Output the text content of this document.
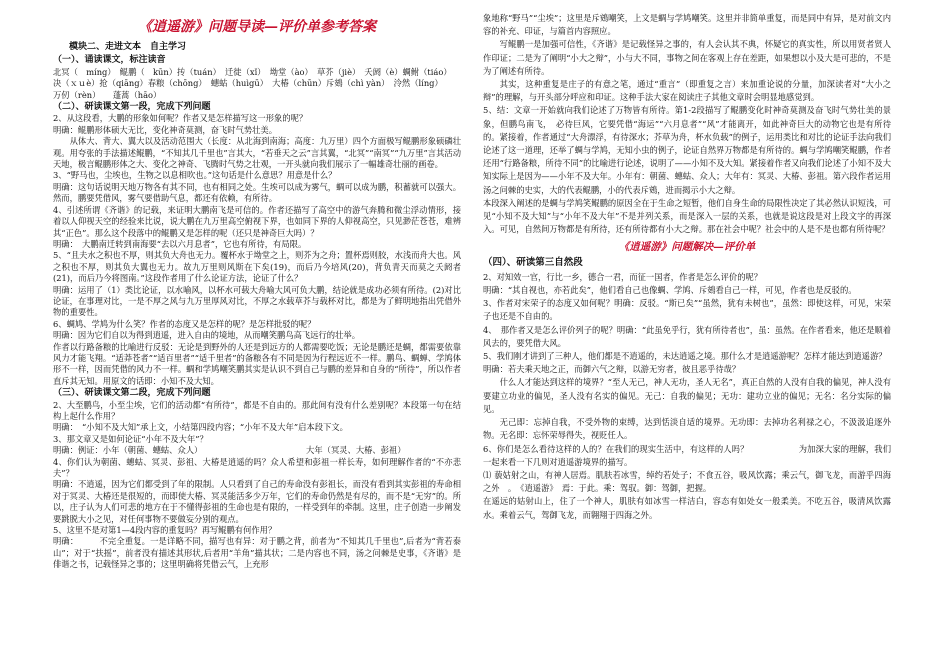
《逍遥游》问题导读—评价单参考答案
模块二、走进文本　自主学习
（一）、诵读课文，标注读音

北冥（　míng）　鲲鹏（　kūn）抟（tuán）　迁徙（xǐ）　坳堂（ào）　草芥（jiè）　夭阏（è）蜩鲋（tiáo）

决（ｘｕè）抢（qiāng）春粮（chōng）　蟪蛄（huìgū）　大椿（chūn）斥鴳（chì yàn）　泠然（líng）

万仞（rèn）　　蓬蒿（hāo）

（二）、研读课文第一段，完成下列问题

2、从这段看，大鹏的形象如何呢？作者又是怎样描写这一形象的呢？

明确：鲲鹏形体硕大无比，变化神奇莫测，奋飞时气势壮美。

从体大、背大、翼大以及活动范围大（长度：从北海到南海；高度：九万里）四个方面极写鲲鹏形象硕磷壮观。用夸张的手法描述鲲鹏，“不知其几千里也”言其大，“若垂天之云”言其翼，“北冥”“南冥”“九万里”言其活动天地，极言鲲鹏形体之大、变化之神奇、飞腾时气势之壮观，一开头就向我们展示了一幅雄奇壮丽的画卷。

3、“野马也，尘埃也，生物之以息相吹也。”这句话是什么意思？用意是什么？

明确：这句话说明天地万物各有其不同，也有相同之处。生埃可以成为雾气，蜩可以成为鹏，积蓄就可以强大。然而，鹏要凭借风，雾气要借助气息，都还有依赖，有所待。

4、引述所谓《齐谐》的记载，来证明大鹏南飞是可信的。作者还描写了高空中的游气奔腾和微尘浮动情形，接着以人仰视天空的经验来比说，说大鹏在九万里高空俯视下界，也如同下界的人仰视高空，只见渺茫苍苍，难辨其“正色”。那么这个段落中的鲲鹏又是怎样的呢（还只是神奇巨大吗）？

明确：　大鹏南迁转到南海要“去以六月息者”，它也有所待，有局限。

5、“且夫水之积也不厚，则其负大舟也无力。覆杯水于坳堂之上，则芥为之舟；置杯焉则胶，水浅而舟大也。风之积也不厚，则其负大翼也无力。故九万里则风斯在下矣(19)，而后乃今培风(20)，背负青天而莫之夭阏者(21)，而后乃今将图南。”这段作者用了什么论证方法，论证了什么？

明确：运用了（1）类比论证，以水喻风，以杯水可载大舟喻大风可负大鹏，结论就是成功必须有所待。(2)对比论证，在事理对比，一是不厚之风与九万里厚风对比，不厚之水载草芥与载杯对比，都是为了鲜明地指出凭借外物的重要性。

6、蜩鸠、学鸠为什么笑？作者的态度又是怎样的呢？是怎样批驳的呢？

明确：因为它们自以为得到逍遥，进入自由的境地，从而嘲笑鹏鸟高飞远行的壮举。

作者以行路备粮的比喻进行反驳：无论是到野外的人还是到远方的人都需要吃饭；无论是鹏还是蜩，都需要依靠风力才能飞翔。“适莽苍者”“适百里者”“适千里者”的备粮各有不同是因为行程远近不一样。鹏鸟、蜩蝉、学鸠体形不一样，因而凭借的风力不一样。蜩和学鸠嘲笑鹏其实是认识不到自己与鹏的差异和自身的“所待”，所以作者直斥其无知。用原文的话即：小知不及大知。

（三）、研读课文第二段，完成下列问题

2、大至鹏鸟，小至尘埃，它们的活动都“有所待”，都是不自由的。那此间有没有什么差别呢？本段第一句在结构上起什么作用？

明确：　“小知不及大知”承上文，小结第四段内容；“小年不及大年”启本段下文。

3、那文章又是如何论证“小年不及大年”？

明确：例证：小年（朝菌、蟪蛄、众人）　　　　　　　　　　　　　大年（冥灵、大椿、彭祖）

4、你们认为朝菌、蟪蛄、冥灵、彭祖、大椿是逍遥的吗？众人希望和彭祖一样长寿，如何理解作者的“不亦悲夫”？

明确：不逍遥，因为它们都受到了年的限制。人只看到了自己的寿命没有彭祖长，而没有看到其实彭祖的寿命相对于冥灵、大椿还是很短的，而即使大椿、冥灵能活多少万年，它们的寿命仍然是有尽的，而不是“无穷”的。所以，庄子认为人们可悲的地方在于不懂得彭祖的生命也是有限的，一样受到年的牵制。这里，庄子创造一步阐发要跳脱大小之见，对任何事物不要做妄分别的观点。

5、这里不是对第1—4段内容的重复吗？再写鲲鹏有何作用？

明确：　　　不完全重复。一是详略不同，描写也有异：对于鹏之背，前者为“不知其几千里也”,后者为“背若泰山”；对于“扶摇”，前者没有描述其形状,后者用“羊角”描其状；二是内容也不同，汤之问棘是史事，《齐谐》是俳谐之书，记载怪异之事的；这里明确将凭借云气，上充形

象地称“野马”“尘埃”；这里是斥鴳嘲笑，上文是蜩与学鸠嘲笑。这里并非简单重复，而是同中有异，是对前文内容的补充、印证，与篇首内容照应。

写鲲鹏一是加强可信性，《齐谐》是记载怪异之事的，有人会认其不典，怀疑它的真实性，所以用贤者贤人作印证；二是为了阐明“小大之辩”，小与大不同，事物之间在客观上存在差距，如果想以小及大是可悲的，不是为了阐述有所待。

其实，这种重复是庄子的有意之笔，通过“重言”（即重复之言）来加重论说的分量，加深读者对“大小之辩”的理解，与开头部分呼应和印证。这种手法大家在阅读庄子其他文章时会明显地感觉到。

5、结：文章一开始就向我们论述了万物皆有所待。第1-2段描写了鲲鹏变化时神奇莫测及奋飞时气势壮美的景象，但鹏鸟南飞，　必待巨风，它要凭借“海运”“六月息者”“风”才能离开，如此神奇巨大的动物它也是有所待的。紧接着，作者通过“大舟漂浮，有待深水；芥草为舟，杯水负载”的例子，运用类比和对比的论证手法向我们论述了这一道理，还举了蜩与学鸠，无知小虫的例子，论证自然界万物都是有所待的。蜩与学鸠嘲笑鲲鹏，作者还用“行路备粮，所待不同”的比喻进行论述，说明了——小知不及大知。紧接着作者又向我们论述了小知不及大知实际上是因为——小年不及大年。小年有：朝菌、蟪蛄、众人；大年有：冥灵、大椿、彭祖。第六段作者运用汤之问棘的史实，大的代表鲲鹏，小的代表斥鴳，进而揭示小大之辩。

本段深入阐述的是蜩与学鸠笑鲲鹏的原因全在于生命之短暂，他们自身生命的局限性决定了其必然认识短浅，可见“小知不及大知”与“小年不及大年”不是并列关系，而是深入一层的关系，也就是说这段是对上段文字的再深入。可见，自然间万物都是有所待，还有所待都有小大之辩。那在社会中呢？社会中的人是不是也都有所待呢？

《逍遥游》问题解决—评价单
（四）、研读第三自然段

2、对知效一官，行比一乡，德合一君，而征一国者，作者是怎么评价的呢？

明确：“其自视也，亦若此矣”，他们看自己也像蜩、学鸠、斥鴳看自己一样，可见，作者也是反驳的。

3、作者对宋荣子的态度又如何呢？明确：反驳。“斯已矣”“虽然，犹有未树也”，虽然：即使这样，可见，宋荣子也还是不自由的。

4、　那作者又是怎么评价列子的呢？明确：“此虽免乎行，犹有所待者也”，虽：虽然。在作者看来，他还是顺着风去的，要凭借大风。

5、我们刚才讲到了三种人，他们都是不逍遥的，未达逍遥之境。那什么才是逍遥游呢？怎样才能达到逍遥游？

明确：若夫乘天地之正，而御六气之辩，以游无穷者，彼且恶乎待哉？

什么人才能达到这样的境界？“至人无己，神人无功，圣人无名”，真正自然的人没有自我的偏见，神人没有要建立功业的偏见，圣人没有名实的偏见。无己：自我的偏见；无功：建功立业的偏见；无名：名分实际的偏见。

无己即：忘掉自我，不受外物的束缚，达到恬淡自适的境界。无功即：去掉功名利禄之心，不汲汲追逐外物。无名即：忘怀荣辱得失，视贬任人。

6、你们是怎么看待这样的人的？在我们的现实生活中，有这样的人吗？　　　　　　为加深大家的理解，我们一起来看一下几则对逍遥游境界的描写。

⑴ 藐姑射之山，有神人居焉。肌肤若冰雪，绰约若处子；不食五谷，吸风饮露；乘云气，御飞龙，而游乎四海之外　。　《逍遥游》　焉：于此。乘：驾驭。御：驾御，把握。

在遥远的姑射山上，住了一个神人，肌肤有如冰雪一样洁白，容态有如处女一般柔美。不吃五谷，吸清风饮露水。乘着云气，驾御飞龙，而翱翔于四海之外。
